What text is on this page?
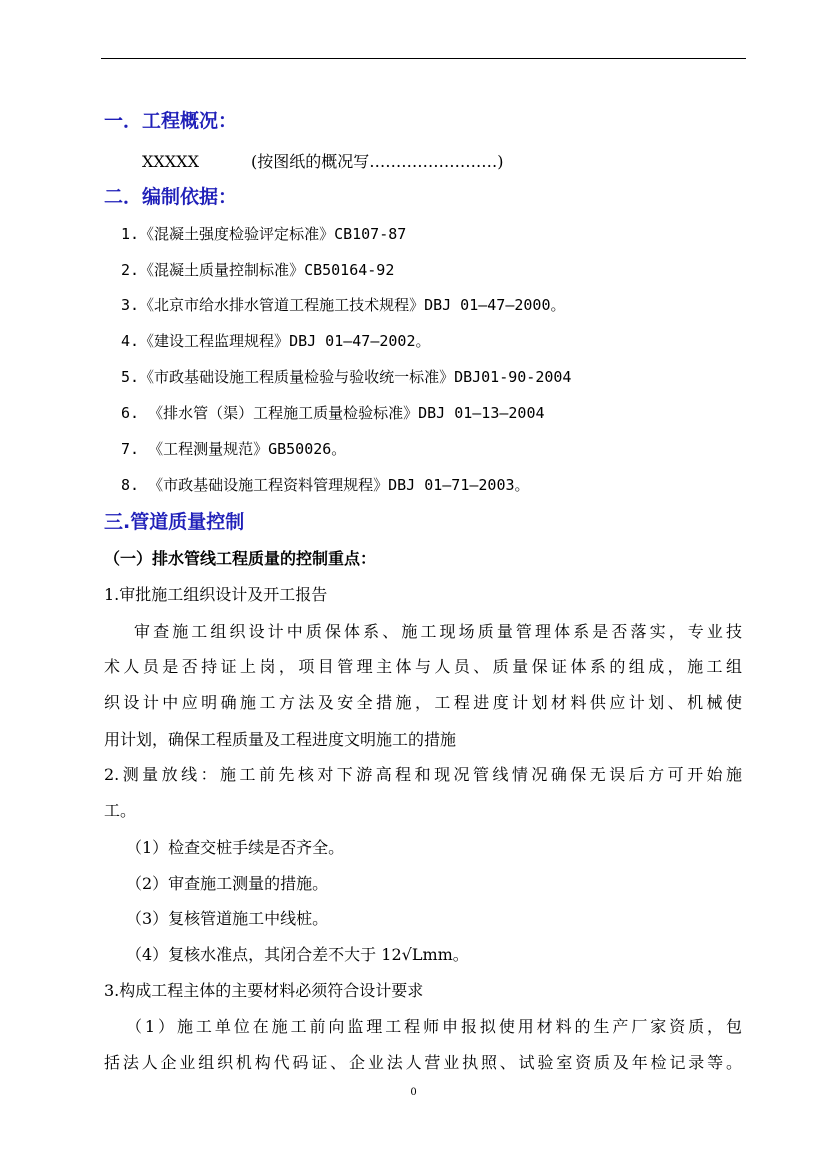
一．工程概况：
XXXXX	(按图纸的概况写……………………)
二．编制依据：
1.《混凝土强度检验评定标准》CB107-87
2.《混凝土质量控制标准》CB50164-92
3.《北京市给水排水管道工程施工技术规程》DBJ 01—47—2000。
4.《建设工程监理规程》DBJ 01—47—2002。
5.《市政基础设施工程质量检验与验收统一标准》DBJ01-90-2004
6. 《排水管（渠）工程施工质量检验标准》DBJ 01—13—2004
7. 《工程测量规范》GB50026。
8. 《市政基础设施工程资料管理规程》DBJ 01—71—2003。
三.管道质量控制
（一）排水管线工程质量的控制重点：
1.审批施工组织设计及开工报告
审查施工组织设计中质保体系、施工现场质量管理体系是否落实，专业技
术人员是否持证上岗，项目管理主体与人员、质量保证体系的组成，施工组
织设计中应明确施工方法及安全措施，工程进度计划材料供应计划、机械使
用计划，确保工程质量及工程进度文明施工的措施
2.测量放线：施工前先核对下游高程和现况管线情况确保无误后方可开始施
工。
（1）检查交桩手续是否齐全。
（2）审查施工测量的措施。
（3）复核管道施工中线桩。
（4）复核水准点，其闭合差不大于 12√Lmm。
3.构成工程主体的主要材料必须符合设计要求
（1）施工单位在施工前向监理工程师申报拟使用材料的生产厂家资质，包
括法人企业组织机构代码证、企业法人营业执照、试验室资质及年检记录等。
0
